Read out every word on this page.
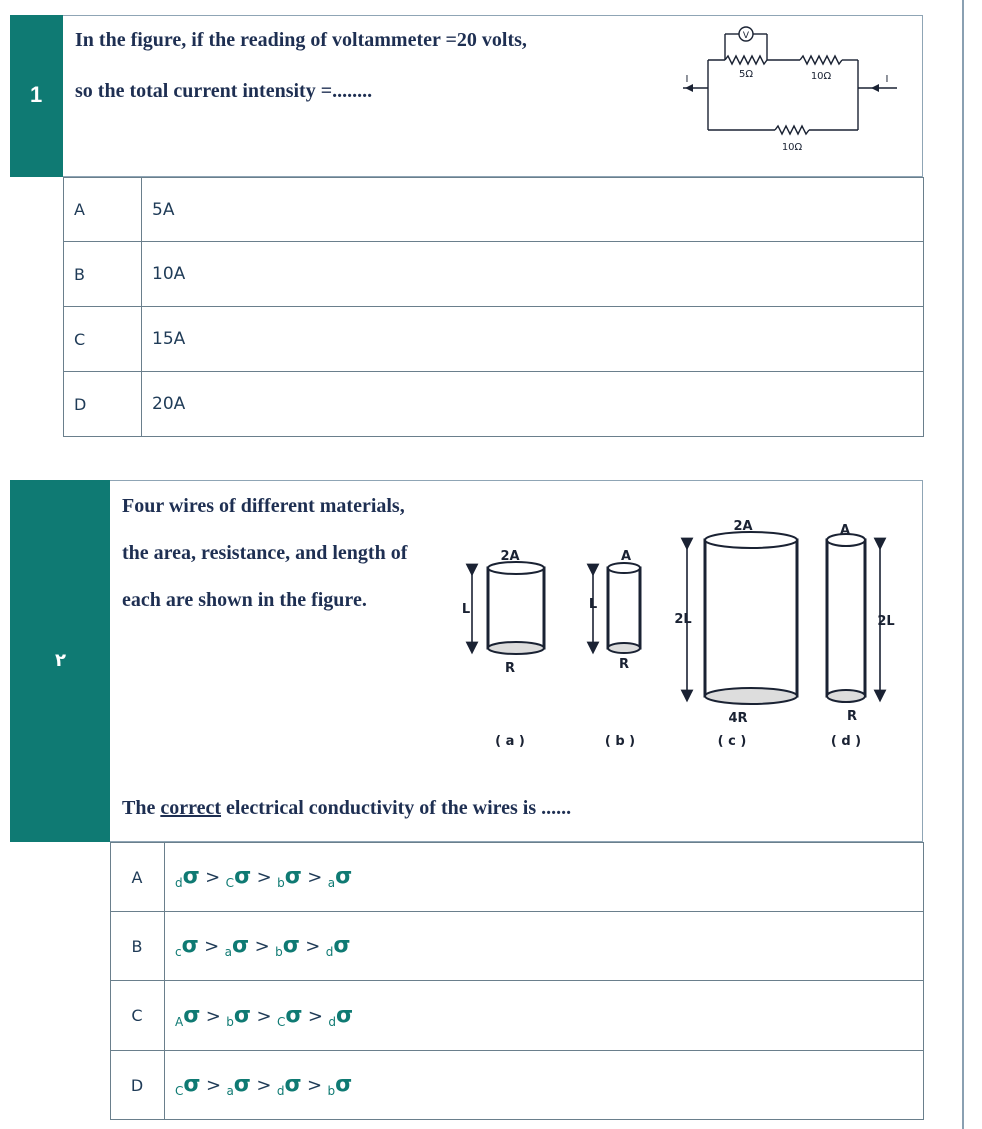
1
In the figure, if the reading of voltammeter =20 volts,
so the total current intensity =........
V
5Ω	10Ω
10Ω
I	I
A	5A
B	10A
C	15A
D	20A
٢
Four wires of different materials,
the area, resistance, and length of
each are shown in the figure.
The correct electrical conductivity of the wires is ......
2A
L
R
( a )
A
L
R
( b )
2A
2L
4R
( c )
A
2L
R
( d )
A	$_d$σ > $_C$σ > $_b$σ > $_a$σ
B	$_c$σ > $_a$σ > $_b$σ > $_d$σ
C	$_A$σ > $_b$σ > $_C$σ > $_d$σ
D	$_C$σ > $_a$σ > $_d$σ > $_b$σ
